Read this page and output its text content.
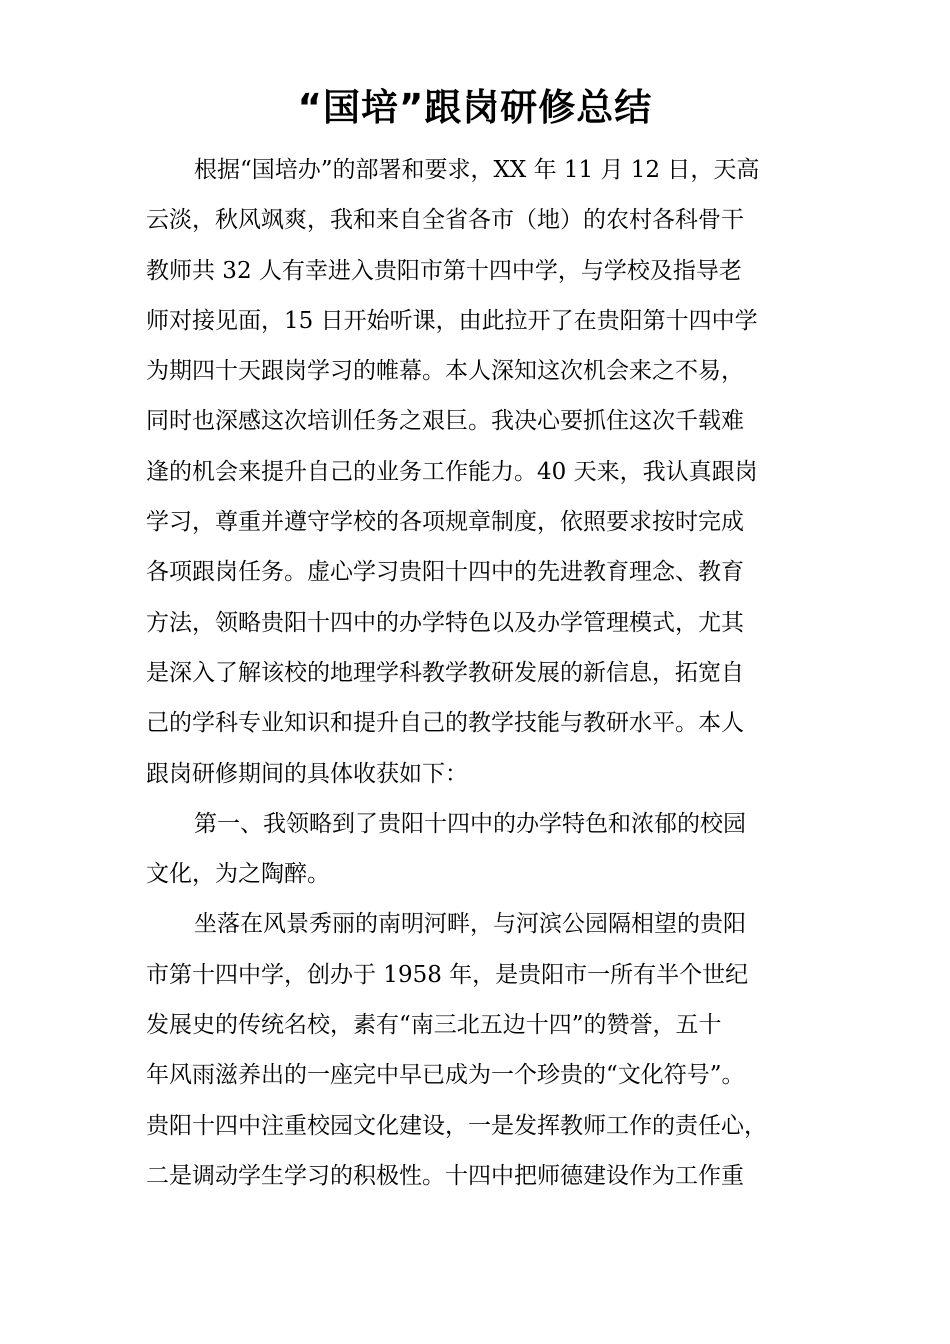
“国培”跟岗研修总结
根据“国培办”的部署和要求，XX 年 11 月 12 日，天高
云淡，秋风飒爽，我和来自全省各市（地）的农村各科骨干
教师共 32 人有幸进入贵阳市第十四中学，与学校及指导老
师对接见面，15 日开始听课，由此拉开了在贵阳第十四中学
为期四十天跟岗学习的帷幕。本人深知这次机会来之不易，
同时也深感这次培训任务之艰巨。我决心要抓住这次千载难
逢的机会来提升自己的业务工作能力。40 天来，我认真跟岗
学习，尊重并遵守学校的各项规章制度，依照要求按时完成
各项跟岗任务。虚心学习贵阳十四中的先进教育理念、教育
方法，领略贵阳十四中的办学特色以及办学管理模式，尤其
是深入了解该校的地理学科教学教研发展的新信息，拓宽自
己的学科专业知识和提升自己的教学技能与教研水平。本人
跟岗研修期间的具体收获如下：
第一、我领略到了贵阳十四中的办学特色和浓郁的校园
文化，为之陶醉。
坐落在风景秀丽的南明河畔，与河滨公园隔相望的贵阳
市第十四中学，创办于 1958 年，是贵阳市一所有半个世纪
发展史的传统名校，素有“南三北五边十四”的赞誉，五十
年风雨滋养出的一座完中早已成为一个珍贵的“文化符号”。
贵阳十四中注重校园文化建设，一是发挥教师工作的责任心，
二是调动学生学习的积极性。十四中把师德建设作为工作重
